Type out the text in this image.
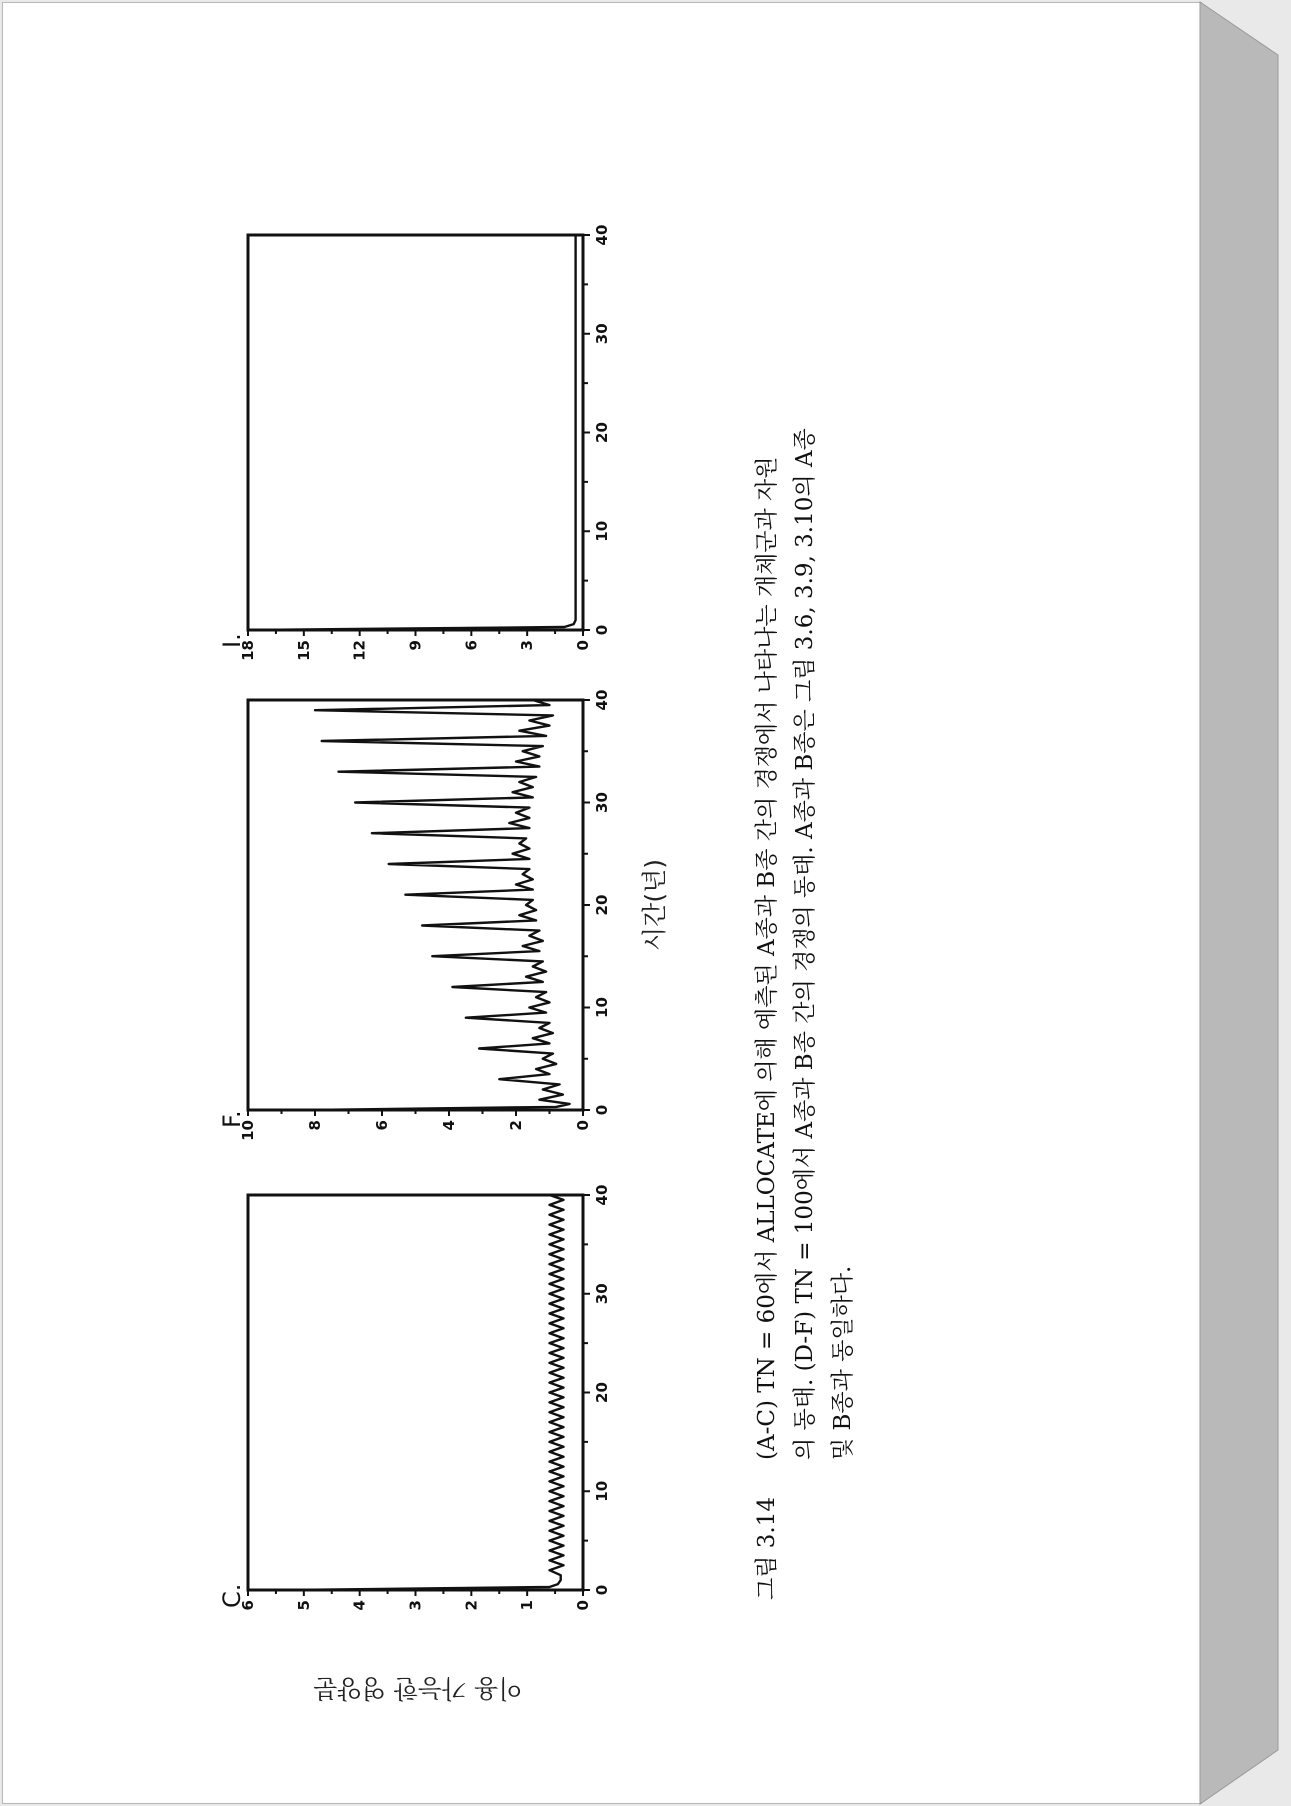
0
1
2
3
4
5
6
0
10
20
30
40
C.
0
2
4
6
8
10
0
10
20
30
40
F.
0
3
6
9
12
15
18
0
10
20
30
40
I.
이용 가능한 영양분
시간(년)
그림 3.14(A-C) TN = 60에서 ALLOCATE에 의해 예측된 A종과 B종 간의 경쟁에서 나타나는 개체군과 자원 의 동태. (D-F) TN = 100에서 A종과 B종 간의 경쟁의 동태. A종과 B종은 그림 3.6, 3.9, 3.10의 A종 및 B종과 동일하다.
